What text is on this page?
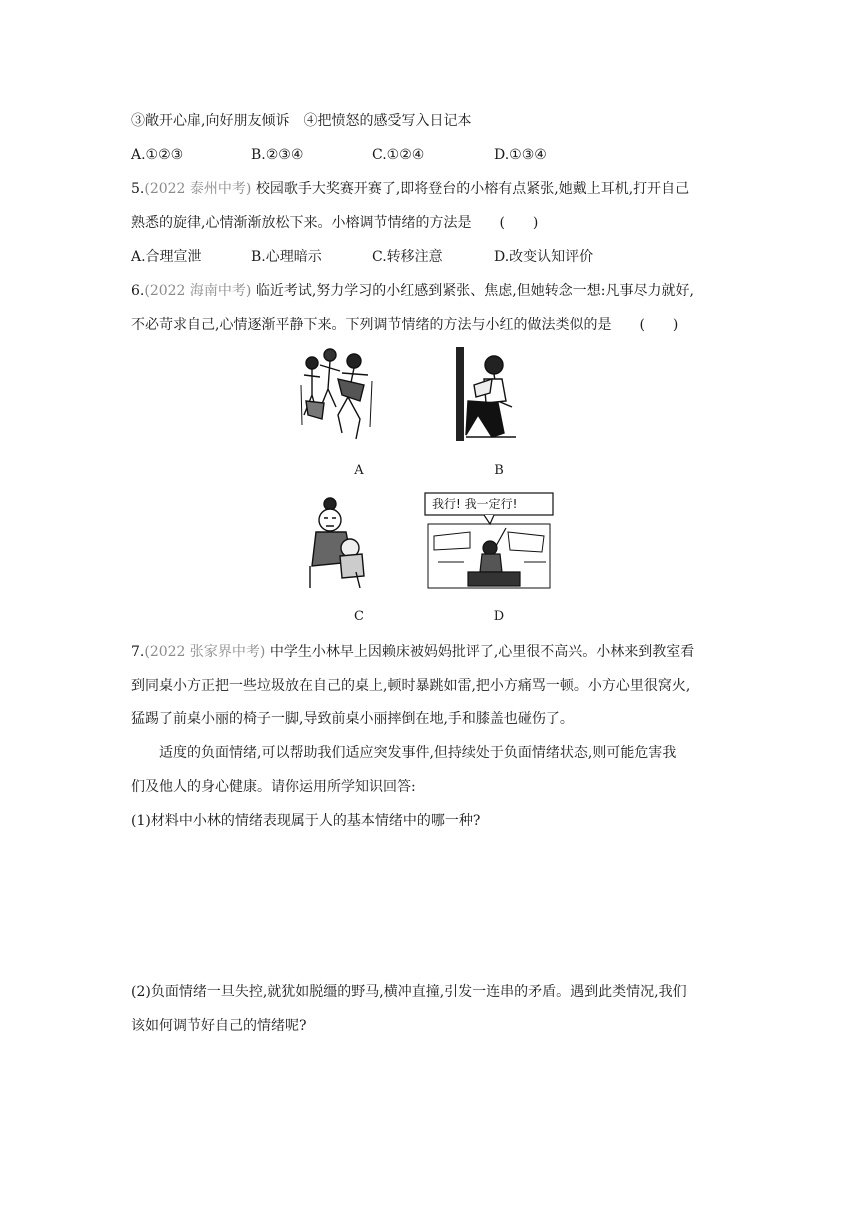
③敞开心扉,向好朋友倾诉　④把愤怒的感受写入日记本
A.①②③	B.②③④	C.①②④	D.①③④
5.(2022 泰州中考) 校园歌手大奖赛开赛了,即将登台的小榕有点紧张,她戴上耳机,打开自己
熟悉的旋律,心情渐渐放松下来。小榕调节情绪的方法是　　(　　)
A.合理宣泄	B.心理暗示	C.转移注意	D.改变认知评价
6.(2022 海南中考) 临近考试,努力学习的小红感到紧张、焦虑,但她转念一想:凡事尽力就好,
不必苛求自己,心情逐渐平静下来。下列调节情绪的方法与小红的做法类似的是　　(　　)
A	B
C
我行! 我一定行!
D
7.(2022 张家界中考) 中学生小林早上因赖床被妈妈批评了,心里很不高兴。小林来到教室看
到同桌小方正把一些垃圾放在自己的桌上,顿时暴跳如雷,把小方痛骂一顿。小方心里很窝火,
猛踢了前桌小丽的椅子一脚,导致前桌小丽摔倒在地,手和膝盖也碰伤了。
适度的负面情绪,可以帮助我们适应突发事件,但持续处于负面情绪状态,则可能危害我
们及他人的身心健康。请你运用所学知识回答:
(1)材料中小林的情绪表现属于人的基本情绪中的哪一种?
(2)负面情绪一旦失控,就犹如脱缰的野马,横冲直撞,引发一连串的矛盾。遇到此类情况,我们
该如何调节好自己的情绪呢?
